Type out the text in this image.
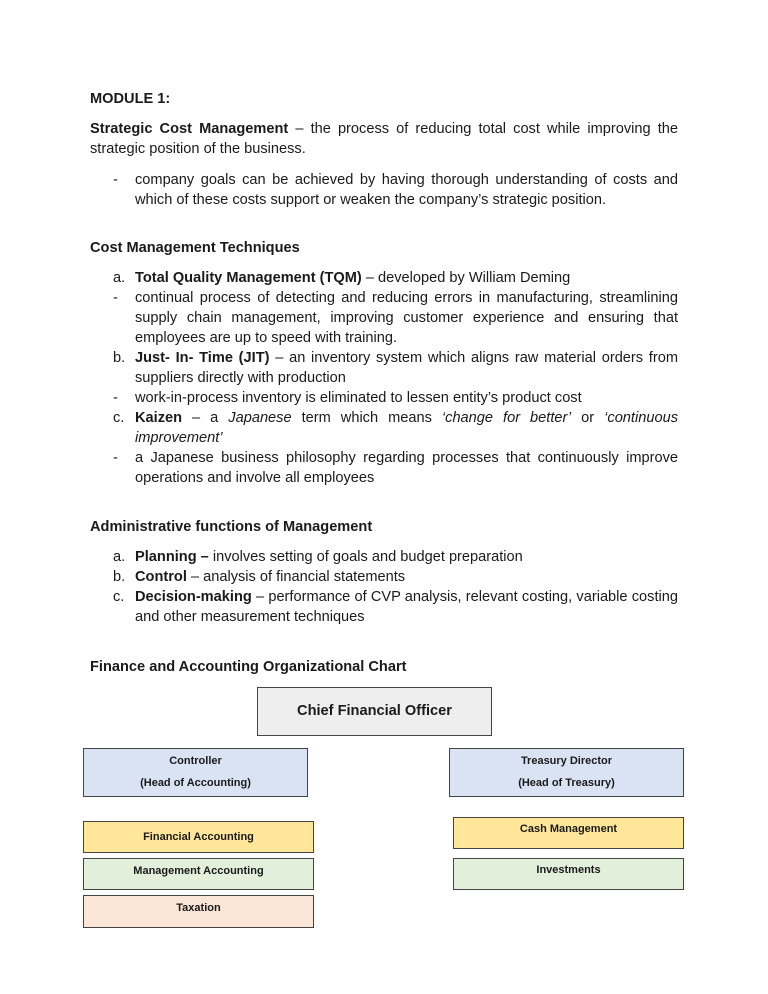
MODULE 1:
Strategic Cost Management – the process of reducing total cost while improving the strategic position of the business.
- company goals can be achieved by having thorough understanding of costs and which of these costs support or weaken the company’s strategic position.
Cost Management Techniques
a. Total Quality Management (TQM) – developed by William Deming
- continual process of detecting and reducing errors in manufacturing, streamlining supply chain management, improving customer experience and ensuring that employees are up to speed with training.
b. Just- In- Time (JIT) – an inventory system which aligns raw material orders from suppliers directly with production
- work-in-process inventory is eliminated to lessen entity’s product cost
c. Kaizen – a Japanese term which means ‘change for better’ or ‘continuous improvement’
- a Japanese business philosophy regarding processes that continuously improve operations and involve all employees
Administrative functions of Management
a. Planning – involves setting of goals and budget preparation
b. Control – analysis of financial statements
c. Decision-making – performance of CVP analysis, relevant costing, variable costing and other measurement techniques
Finance and Accounting Organizational Chart
Chief Financial Officer
Controller
(Head of Accounting)
Treasury Director
(Head of Treasury)
Financial Accounting
Management Accounting
Taxation
Cash Management
Investments
